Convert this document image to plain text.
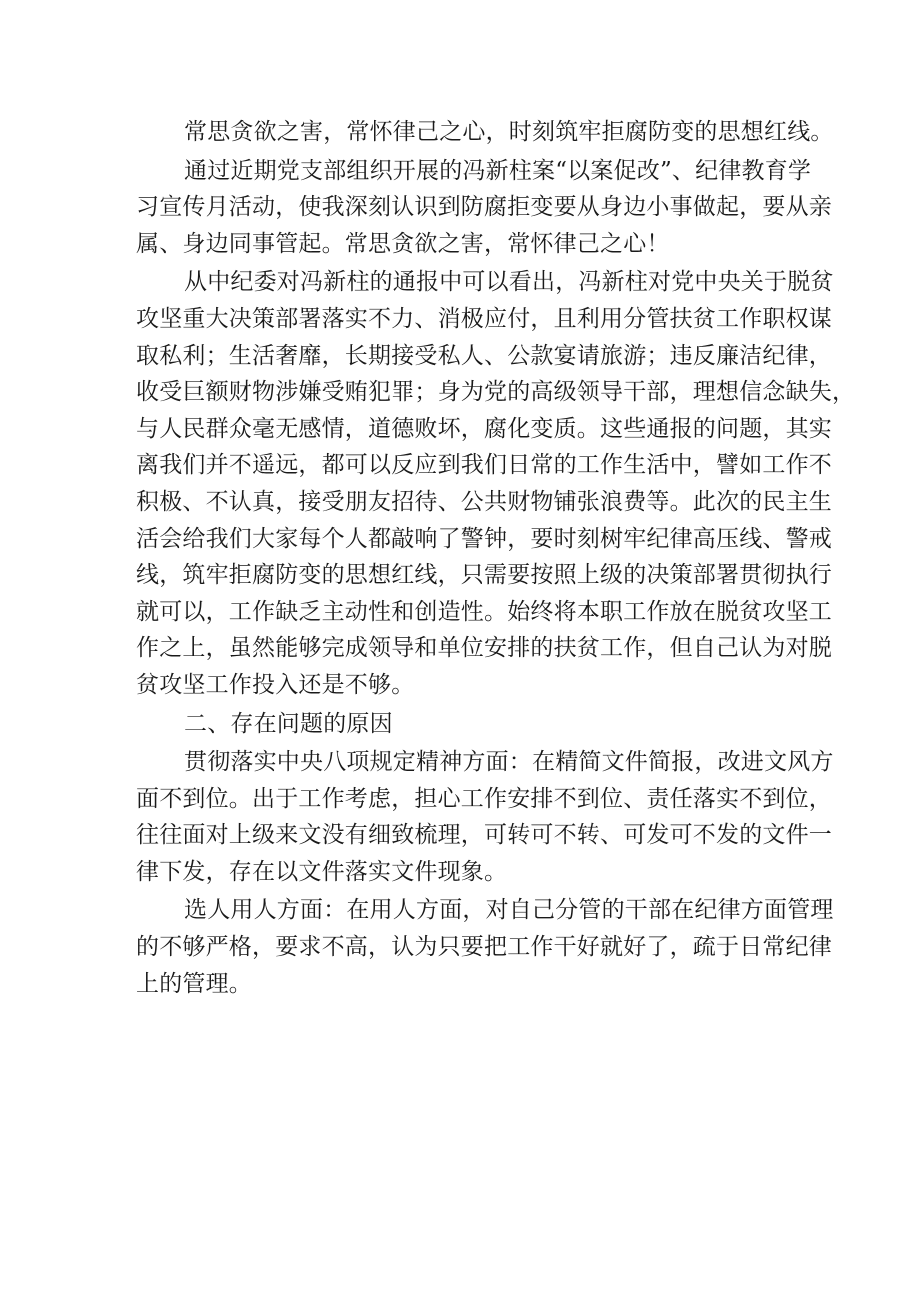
常思贪欲之害，常怀律己之心，时刻筑牢拒腐防变的思想红线。
通过近期党支部组织开展的冯新柱案“以案促改”、纪律教育学
习宣传月活动，使我深刻认识到防腐拒变要从身边小事做起，要从亲
属、身边同事管起。常思贪欲之害，常怀律己之心！
从中纪委对冯新柱的通报中可以看出，冯新柱对党中央关于脱贫
攻坚重大决策部署落实不力、消极应付，且利用分管扶贫工作职权谋
取私利；生活奢靡，长期接受私人、公款宴请旅游；违反廉洁纪律，
收受巨额财物涉嫌受贿犯罪；身为党的高级领导干部，理想信念缺失，
与人民群众毫无感情，道德败坏，腐化变质。这些通报的问题，其实
离我们并不遥远，都可以反应到我们日常的工作生活中，譬如工作不
积极、不认真，接受朋友招待、公共财物铺张浪费等。此次的民主生
活会给我们大家每个人都敲响了警钟，要时刻树牢纪律高压线、警戒
线，筑牢拒腐防变的思想红线，只需要按照上级的决策部署贯彻执行
就可以，工作缺乏主动性和创造性。始终将本职工作放在脱贫攻坚工
作之上，虽然能够完成领导和单位安排的扶贫工作，但自己认为对脱
贫攻坚工作投入还是不够。
二、存在问题的原因
贯彻落实中央八项规定精神方面：在精简文件简报，改进文风方
面不到位。出于工作考虑，担心工作安排不到位、责任落实不到位，
往往面对上级来文没有细致梳理，可转可不转、可发可不发的文件一
律下发，存在以文件落实文件现象。
选人用人方面：在用人方面，对自己分管的干部在纪律方面管理
的不够严格，要求不高，认为只要把工作干好就好了，疏于日常纪律
上的管理。
